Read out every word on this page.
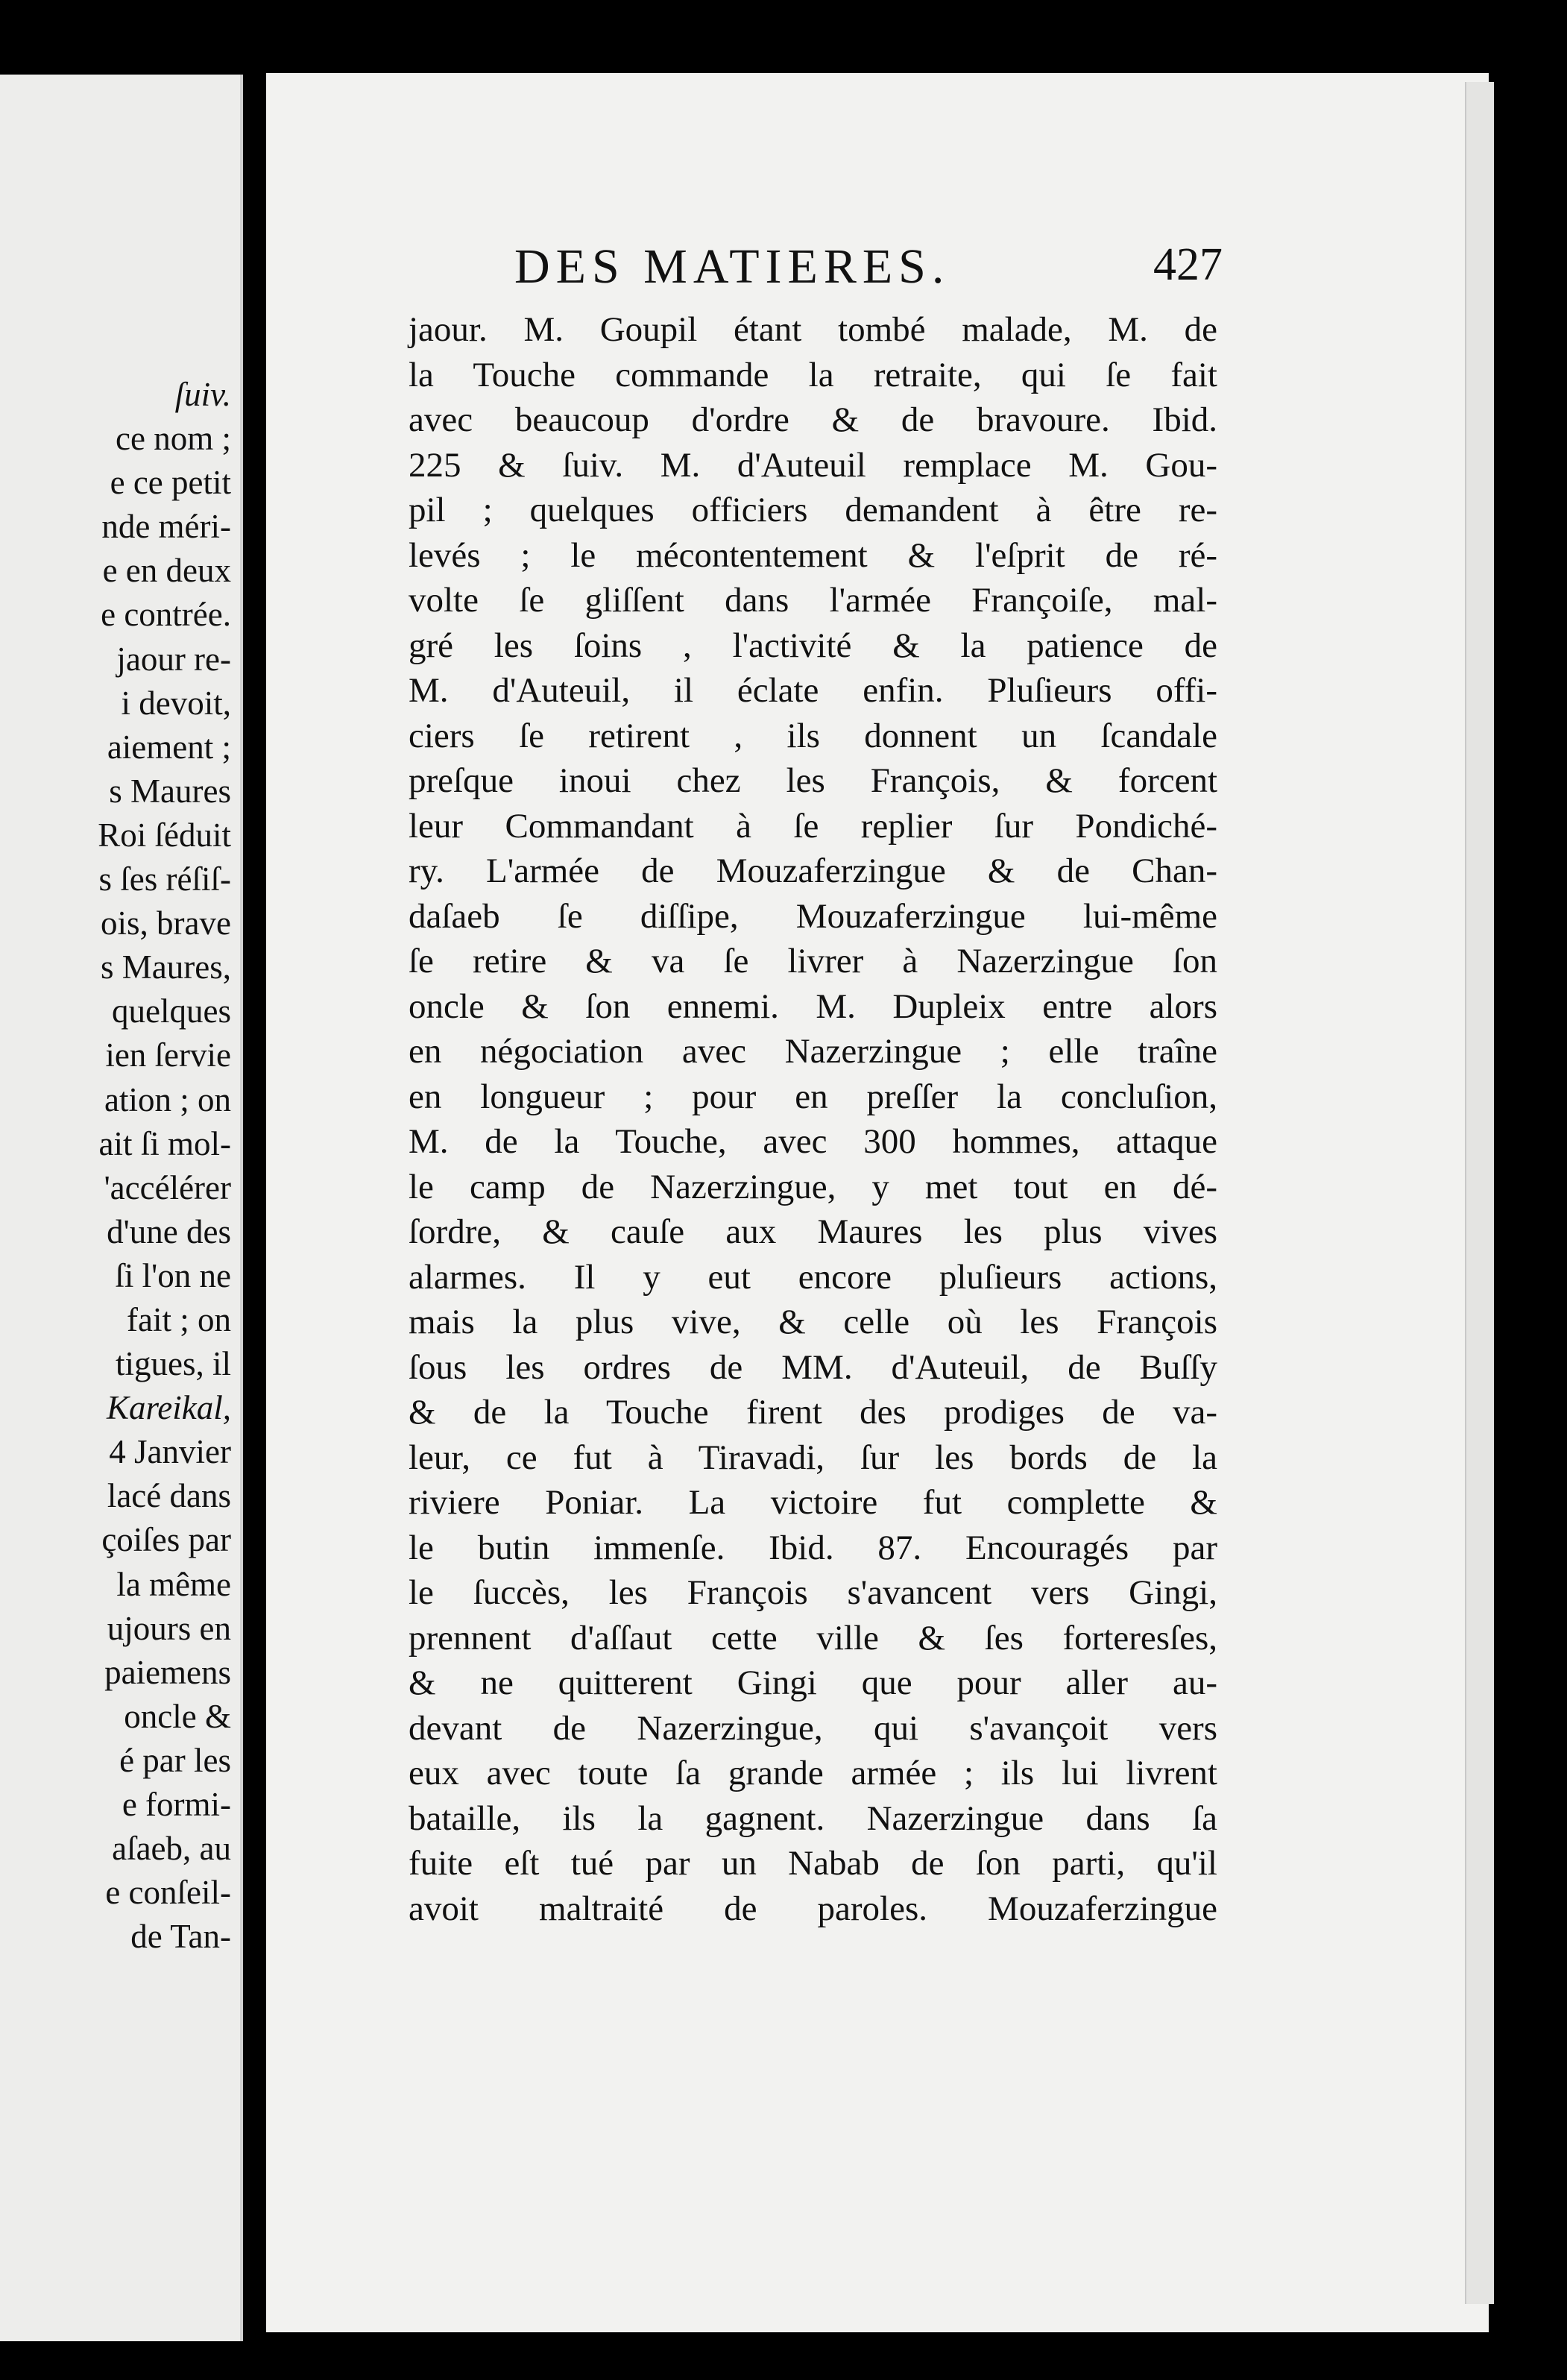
ſuiv.
ce nom ;
e ce petit
nde méri-
e en deux
e contrée.
jaour re-
i devoit,
aiement ;
s Maures
Roi ſéduit
s ſes réſiſ-
ois, brave
s Maures,
quelques
ien ſervie
ation ; on
ait ſi mol-
'accélérer
d'une des
ſi l'on ne
fait ; on
tigues, il
Kareikal,
4 Janvier
lacé dans
çoiſes par
la même
ujours en
paiemens
oncle &
é par les
e formi-
aſaeb, au
e conſeil-
de Tan-
DES MATIERES.	427
jaour. M. Goupil étant tombé malade, M. de
la Touche commande la retraite, qui ſe fait
avec beaucoup d'ordre & de bravoure. Ibid.
225 & ſuiv. M. d'Auteuil remplace M. Gou-
pil ; quelques officiers demandent à être re-
levés ; le mécontentement & l'eſprit de ré-
volte ſe gliſſent dans l'armée Françoiſe, mal-
gré les ſoins , l'activité & la patience de
M. d'Auteuil, il éclate enfin. Pluſieurs offi-
ciers ſe retirent , ils donnent un ſcandale
preſque inoui chez les François, & forcent
leur Commandant à ſe replier ſur Pondiché-
ry. L'armée de Mouzaferzingue & de Chan-
daſaeb ſe diſſipe, Mouzaferzingue lui-même
ſe retire & va ſe livrer à Nazerzingue ſon
oncle & ſon ennemi. M. Dupleix entre alors
en négociation avec Nazerzingue ; elle traîne
en longueur ; pour en preſſer la concluſion,
M. de la Touche, avec 300 hommes, attaque
le camp de Nazerzingue, y met tout en dé-
ſordre, & cauſe aux Maures les plus vives
alarmes. Il y eut encore pluſieurs actions,
mais la plus vive, & celle où les François
ſous les ordres de MM. d'Auteuil, de Buſſy
& de la Touche firent des prodiges de va-
leur, ce fut à Tiravadi, ſur les bords de la
riviere Poniar. La victoire fut complette &
le butin immenſe. Ibid. 87. Encouragés par
le ſuccès, les François s'avancent vers Gingi,
prennent d'aſſaut cette ville & ſes forteresſes,
& ne quitterent Gingi que pour aller au-
devant de Nazerzingue, qui s'avançoit vers
eux avec toute ſa grande armée ; ils lui livrent
bataille, ils la gagnent. Nazerzingue dans ſa
fuite eſt tué par un Nabab de ſon parti, qu'il
avoit maltraité de paroles. Mouzaferzingue
